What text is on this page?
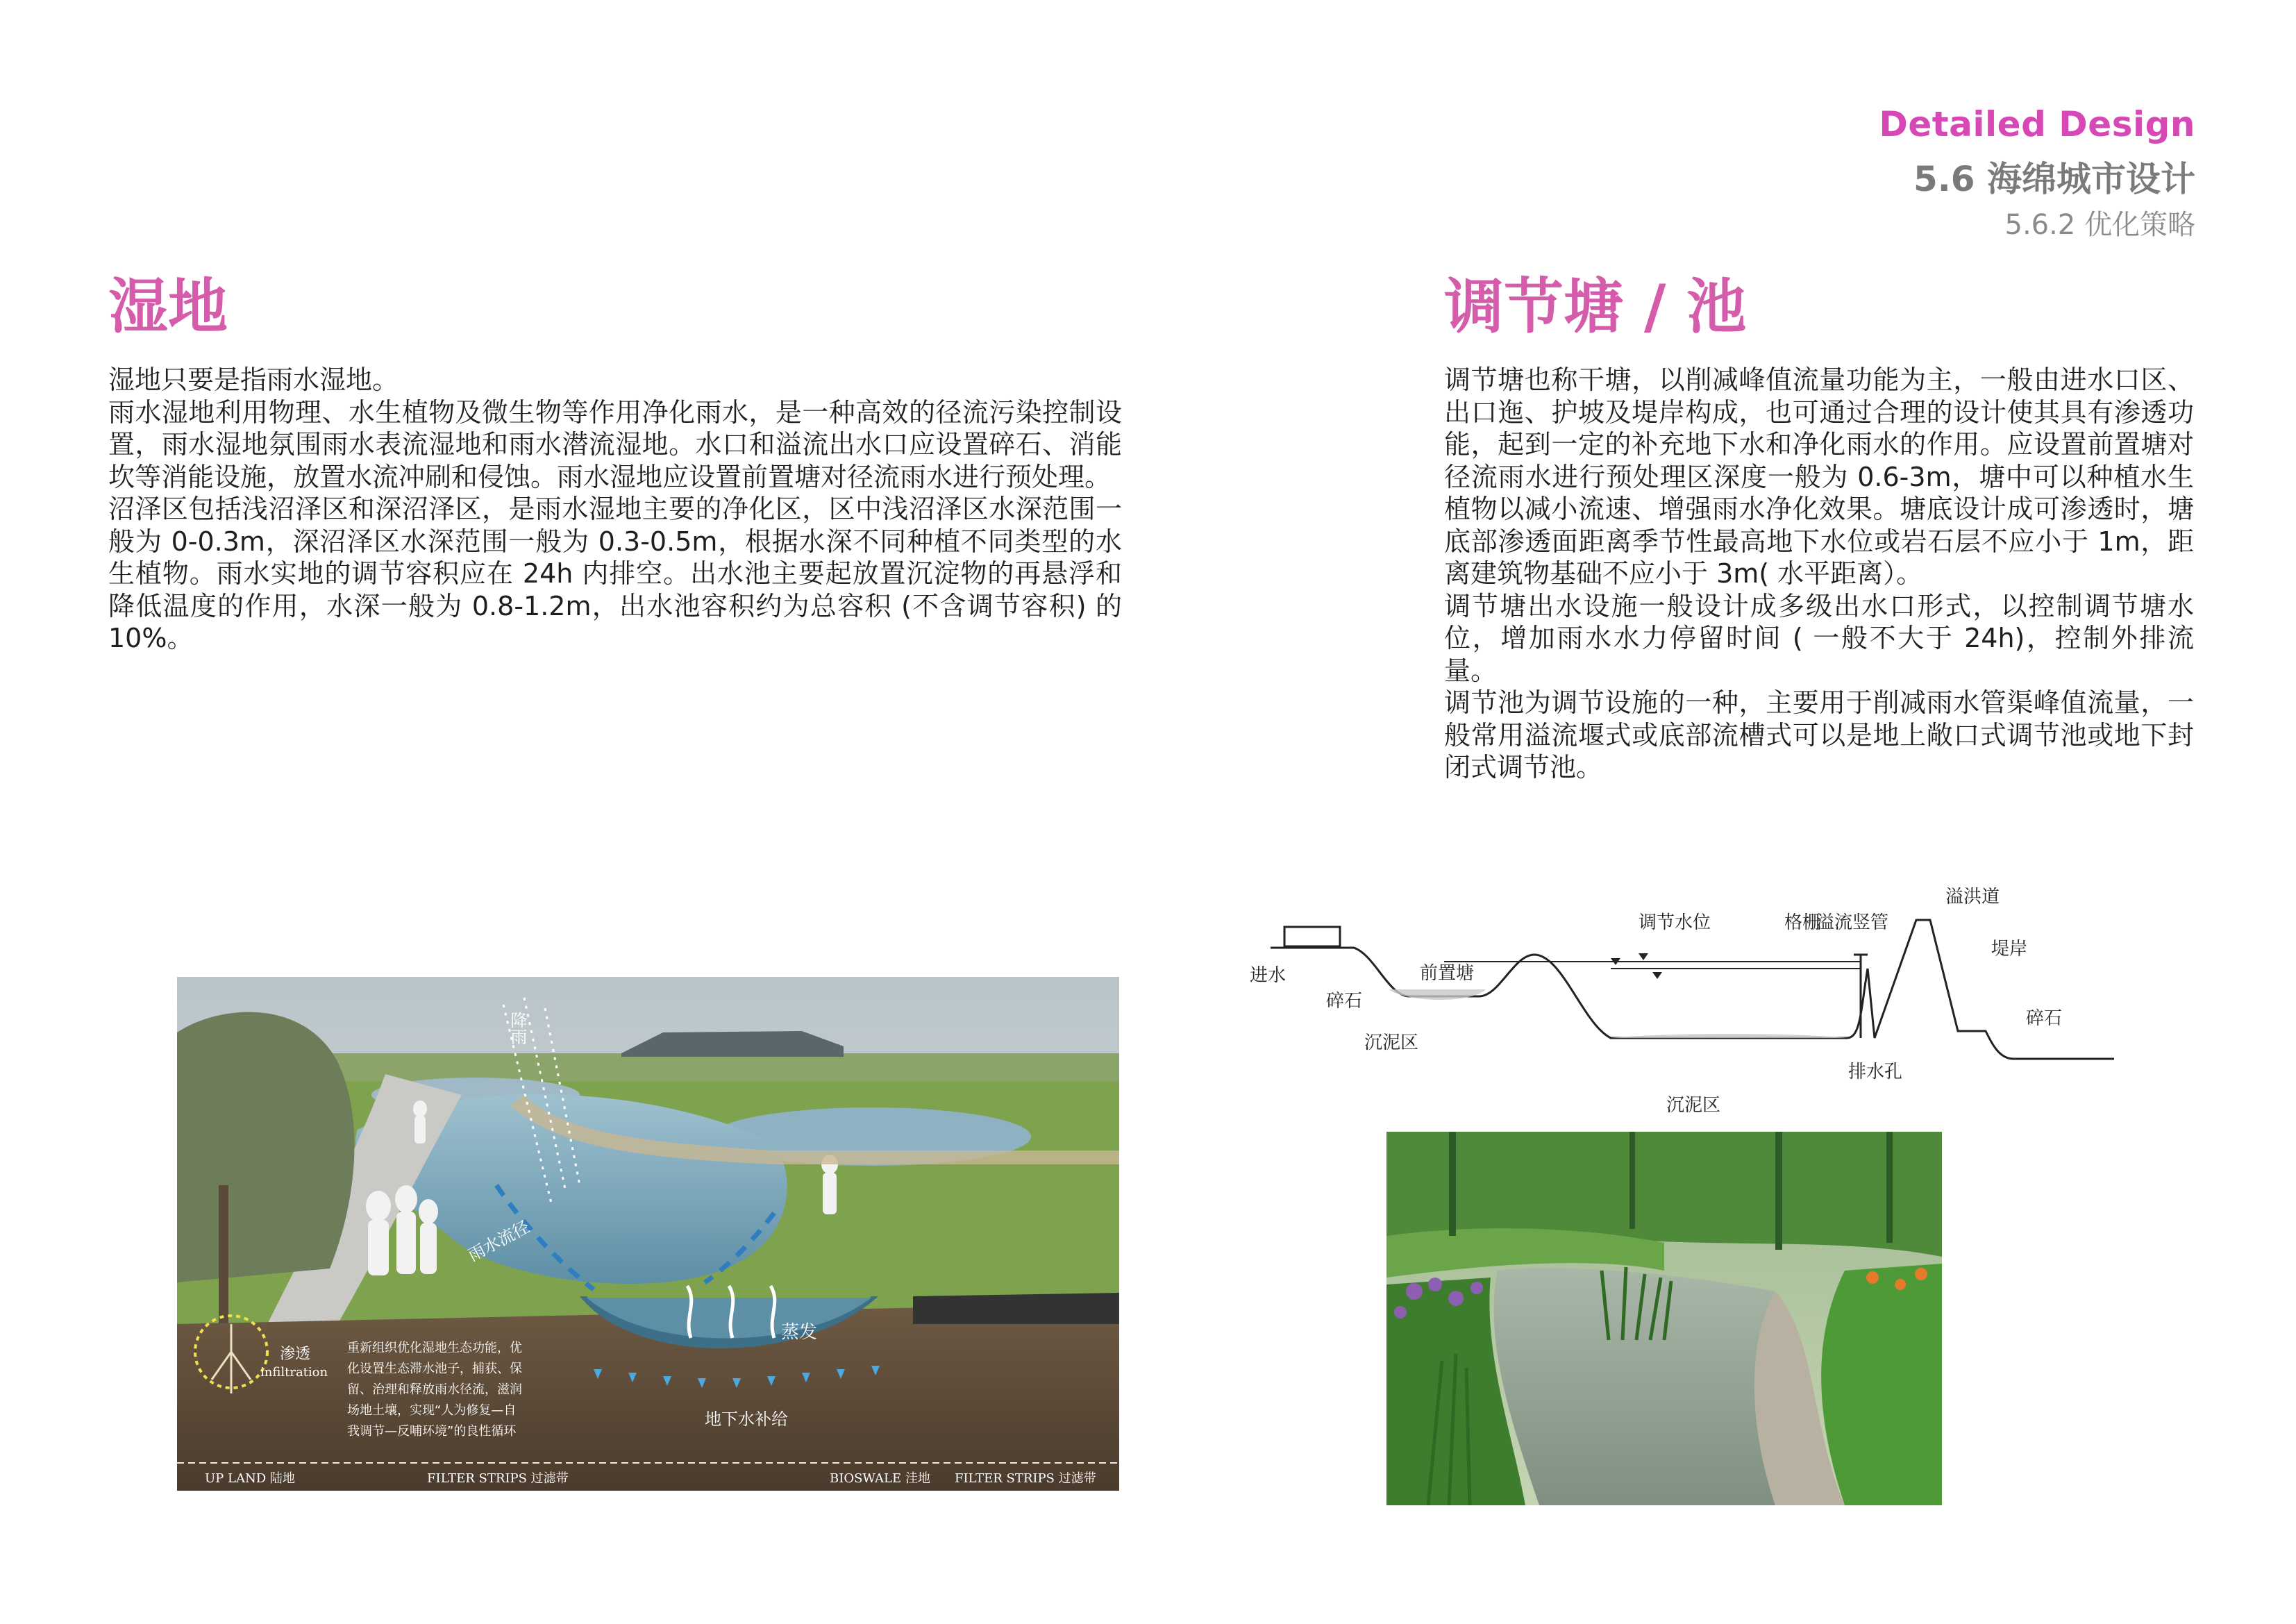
Detailed Design
5.6 海绵城市设计
5.6.2 优化策略
湿地

湿地只要是指雨水湿地。

雨水湿地利用物理、水生植物及微生物等作用净化雨水，是一种高效的径流污染控制设置，雨水湿地氛围雨水表流湿地和雨水潜流湿地。水口和溢流出水口应设置碎石、消能坎等消能设施，放置水流冲刷和侵蚀。雨水湿地应设置前置塘对径流雨水进行预处理。

沼泽区包括浅沼泽区和深沼泽区，是雨水湿地主要的净化区，区中浅沼泽区水深范围一般为 0-0.3m，深沼泽区水深范围一般为 0.3-0.5m，根据水深不同种植不同类型的水生植物。雨水实地的调节容积应在 24h 内排空。出水池主要起放置沉淀物的再悬浮和降低温度的作用，水深一般为 0.8-1.2m，出水池容积约为总容积 (不含调节容积) 的 10%。

调节塘 / 池

调节塘也称干塘，以削减峰值流量功能为主，一般由进水口区、出口迤、护坡及堤岸构成，也可通过合理的设计使其具有渗透功能，起到一定的补充地下水和净化雨水的作用。应设置前置塘对径流雨水进行预处理区深度一般为 0.6-3m，塘中可以种植水生植物以减小流速、增强雨水净化效果。塘底设计成可渗透时，塘底部渗透面距离季节性最高地下水位或岩石层不应小于 1m，距离建筑物基础不应小于 3m( 水平距离）。

调节塘出水设施一般设计成多级出水口形式，以控制调节塘水位，增加雨水水力停留时间 ( 一般不大于 24h)，控制外排流量。

调节池为调节设施的一种，主要用于削减雨水管渠峰值流量，一般常用溢流堰式或底部流槽式可以是地上敞口式调节池或地下封闭式调节池。

降雨
雨水流径
蒸发
渗透
infiltration
地下水补给
重新组织优化湿地生态功能，优
化设置生态滞水池子，捕获、保
留、治理和释放雨水径流，滋润
场地土壤，实现“人为修复—自
我调节—反哺环境”的良性循环
UP LAND 陆地	FILTER STRIPS 过滤带	BIOSWALE 洼地 FILTER STRIPS 过滤带
进水
碎石
沉泥区
前置塘
调节水位	格栅
溢流竖管
溢洪道
堤岸
碎石
排水孔
沉泥区
